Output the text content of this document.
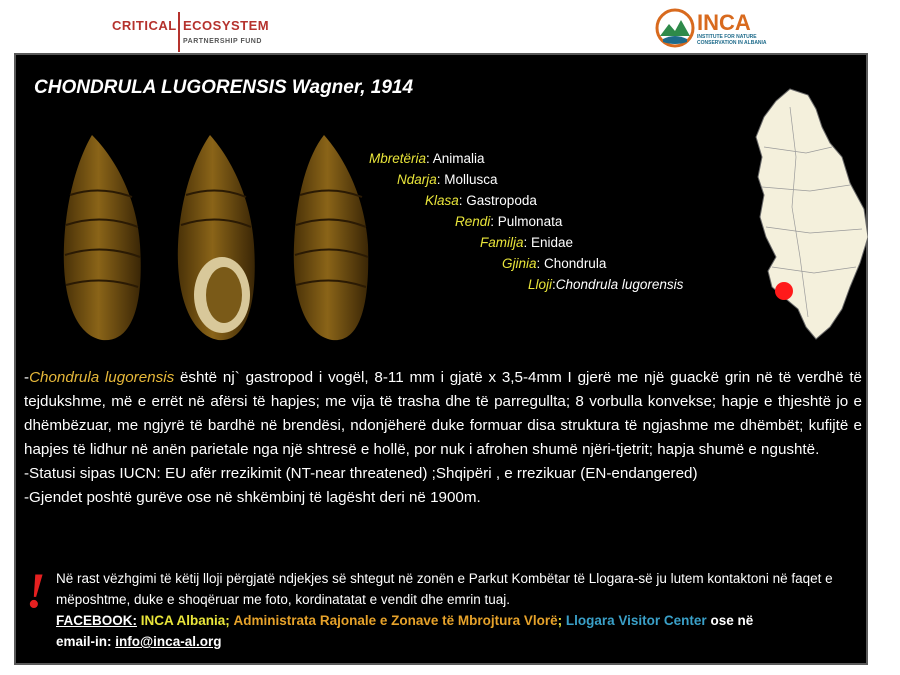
CRITICAL ECOSYSTEM
PARTNERSHIP FUND
INCA
INSTITUTE FOR NATURE CONSERVATION IN ALBANIA
CHONDRULA LUGORENSIS Wagner, 1914
Mbretëria: Animalia
Ndarja: Mollusca
Klasa: Gastropoda
Rendi: Pulmonata
Familja: Enidae
Gjinia: Chondrula
Lloji:Chondrula lugorensis

-Chondrula lugorensis është nj` gastropod i vogël, 8-11 mm i gjatë x 3,5-4mm I gjerë me një guackë grin në të verdhë të tejdukshme, më e errët në afërsi të hapjes; me vija të trasha dhe të parregullta; 8 vorbulla konvekse; hapje e thjeshtë jo e dhëmbëzuar, me ngjyrë të bardhë në brendësi, ndonjëherë duke formuar disa struktura të ngjashme me dhëmbët; kufijtë e hapjes të lidhur në anën parietale nga një shtresë e hollë, por nuk i afrohen shumë njëri-tjetrit; hapja shumë e ngushtë.

-Statusi sipas IUCN: EU afër rrezikimit (NT-near threatened) ;Shqipëri , e rrezikuar (EN-endangered)

-Gjendet poshtë gurëve ose në shkëmbinj të lagësht deri në 1900m.

! Në rast vëzhgimi të këtij lloji përgjatë ndjekjes së shtegut në zonën e Parkut Kombëtar të Llogara-së ju lutem kontaktoni në faqet e mëposhtme, duke e shoqëruar me foto, kordinatatat e vendit dhe emrin tuaj.
FACEBOOK: INCA Albania; Administrata Rajonale e Zonave të Mbrojtura Vlorë; Llogara Visitor Center ose në
email-in: info@inca-al.org
